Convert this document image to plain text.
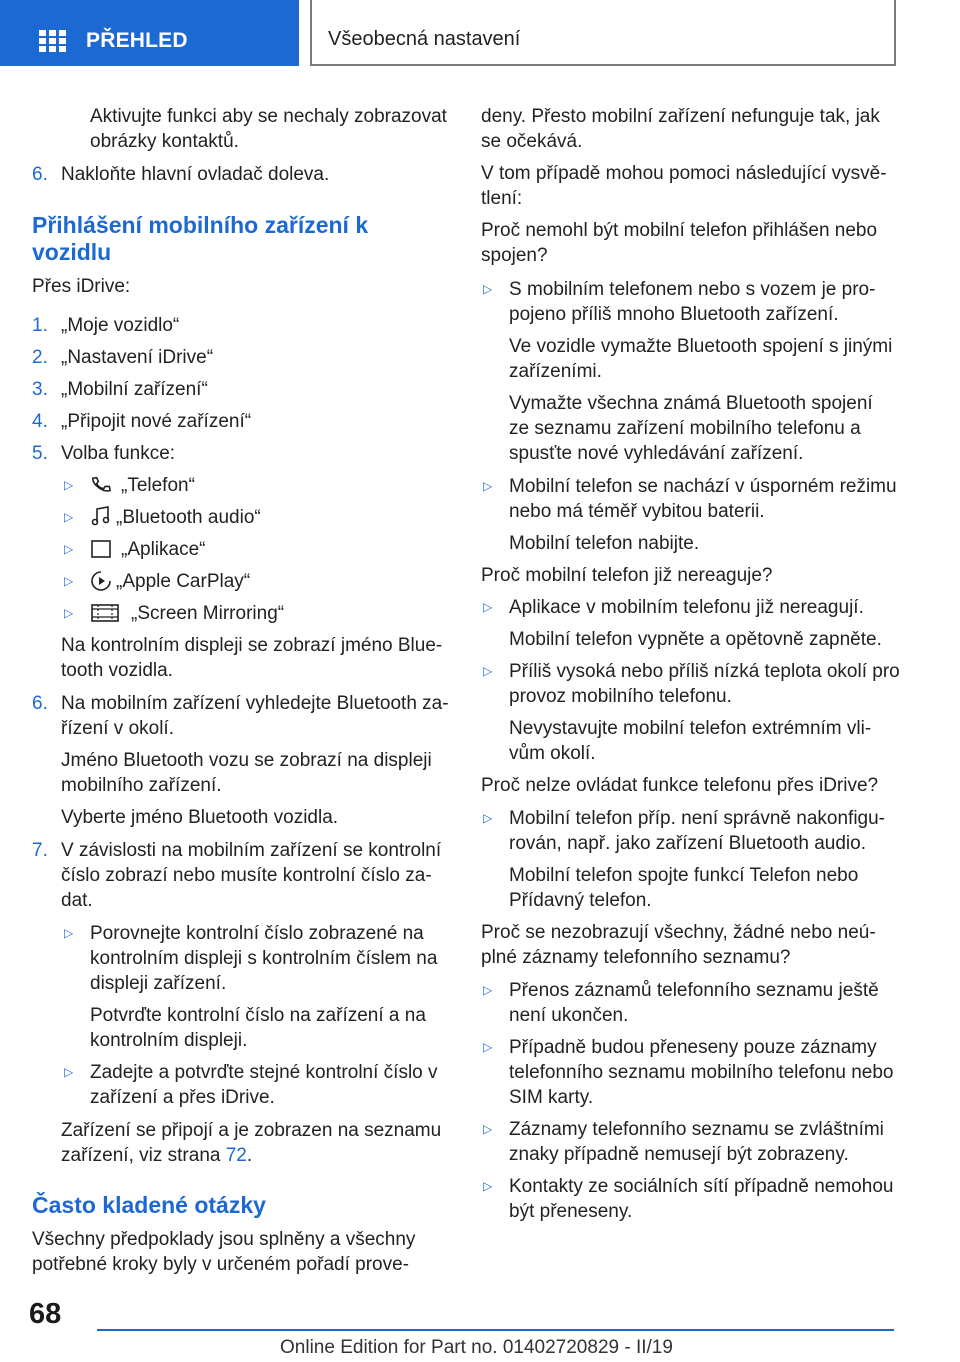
PŘEHLED	Všeobecná nastavení
Aktivujte funkci aby se nechaly zobrazovat
obrázky kontaktů.
6. Nakloňte hlavní ovladač doleva.
Přihlášení mobilního zařízení k
vozidlu
Přes iDrive:
1. „Moje vozidlo“
2. „Nastavení iDrive“
3. „Mobilní zařízení“
4. „Připojit nové zařízení“
5. Volba funkce:
▷	„Telefon“
▷ „Bluetooth audio“
▷	„Aplikace“
▷ „Apple CarPlay“
▷	„Screen Mirroring“
Na kontrolním displeji se zobrazí jméno Blue‐
tooth vozidla.
6. Na mobilním zařízení vyhledejte Bluetooth za‐
řízení v okolí.
Jméno Bluetooth vozu se zobrazí na displeji
mobilního zařízení.
Vyberte jméno Bluetooth vozidla.
7. V závislosti na mobilním zařízení se kontrolní
číslo zobrazí nebo musíte kontrolní číslo za‐
dat.
▷ Porovnejte kontrolní číslo zobrazené na
kontrolním displeji s kontrolním číslem na
displeji zařízení.
Potvrďte kontrolní číslo na zařízení a na
kontrolním displeji.
▷ Zadejte a potvrďte stejné kontrolní číslo v
zařízení a přes iDrive.
Zařízení se připojí a je zobrazen na seznamu
zařízení, viz strana 72.
Často kladené otázky
Všechny předpoklady jsou splněny a všechny
potřebné kroky byly v určeném pořadí prove‐
deny. Přesto mobilní zařízení nefunguje tak, jak
se očekává.
V tom případě mohou pomoci následující vysvě‐
tlení:
Proč nemohl být mobilní telefon přihlášen nebo
spojen?
▷ S mobilním telefonem nebo s vozem je pro‐
pojeno příliš mnoho Bluetooth zařízení.
Ve vozidle vymažte Bluetooth spojení s jinými
zařízeními.
Vymažte všechna známá Bluetooth spojení
ze seznamu zařízení mobilního telefonu a
spusťte nové vyhledávání zařízení.
▷ Mobilní telefon se nachází v úsporném režimu
nebo má téměř vybitou baterii.
Mobilní telefon nabijte.
Proč mobilní telefon již nereaguje?
▷ Aplikace v mobilním telefonu již nereagují.
Mobilní telefon vypněte a opětovně zapněte.
▷ Příliš vysoká nebo příliš nízká teplota okolí pro
provoz mobilního telefonu.
Nevystavujte mobilní telefon extrémním vli‐
vům okolí.
Proč nelze ovládat funkce telefonu přes iDrive?
▷ Mobilní telefon příp. není správně nakonfigu‐
rován, např. jako zařízení Bluetooth audio.
Mobilní telefon spojte funkcí Telefon nebo
Přídavný telefon.
Proč se nezobrazují všechny, žádné nebo neú‐
plné záznamy telefonního seznamu?
▷ Přenos záznamů telefonního seznamu ještě
není ukončen.
▷ Případně budou přeneseny pouze záznamy
telefonního seznamu mobilního telefonu nebo
SIM karty.
▷ Záznamy telefonního seznamu se zvláštními
znaky případně nemusejí být zobrazeny.
▷ Kontakty ze sociálních sítí případně nemohou
být přeneseny.
68
Online Edition for Part no. 01402720829 - II/19
